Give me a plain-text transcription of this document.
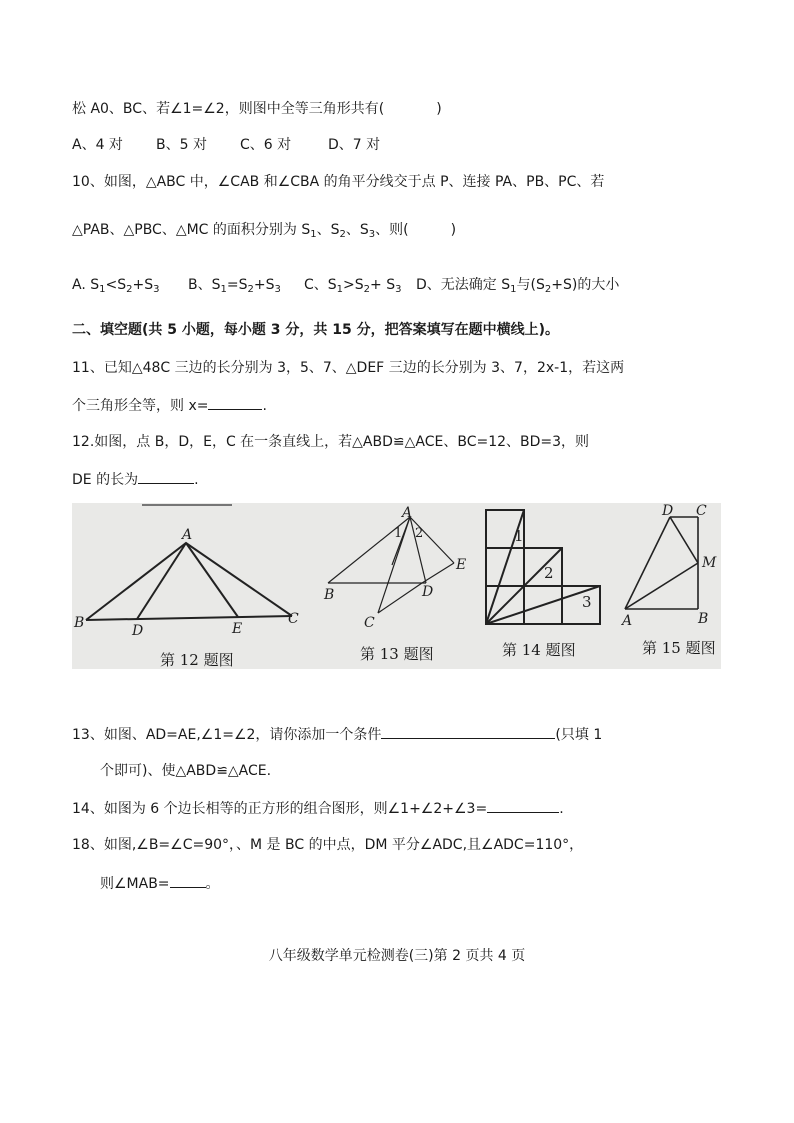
松 A0、BC、若∠1=∠2，则图中全等三角形共有(	)
A、4 对 B、5 对 C、6 对	D、7 对
10、如图，△ABC 中，∠CAB 和∠CBA 的角平分线交于点 P、连接 PA、PB、PC、若
△PAB、△PBC、△MC 的面积分别为 $S_1$、$S_2$、$S_3$、则(	)
A. $S_1<S_2+S_3$ B、$S_1=S_2+S_3$ C、$S_1>S_2+ S_3$ D、无法确定 $S_1$与$(S_2+S)$的大小
二、填空题(共 5 小题，每小题 3 分，共 15 分，把答案填写在题中横线上)。
11、已知△48C 三边的长分别为 3，5、7、△DEF 三边的长分别为 3、7，2x-1，若这两
个三角形全等，则 x=	.
12.如图，点 B，D，E，C 在一条直线上，若△ABD≌△ACE、BC=12、BD=3，则
DE 的长为	.
A
B	D	E
C
A
1 2
E
B	D
C
1
2
3
D C
M
A	B
第 12 题图	第 13 题图	第 14 题图	第 15 题图
13、如图、AD=AE,∠1=∠2，请你添加一个条件	(只填 1
个即可)、使△ABD≌△ACE.
14、如图为 6 个边长相等的正方形的组合图形，则∠1+∠2+∠3=	.
18、如图,∠B=∠C=90°，、M 是 BC 的中点，DM 平分∠ADC,且∠ADC=110°，
则∠MAB=	。
八年级数学单元检测卷(三)第 2 页共 4 页
